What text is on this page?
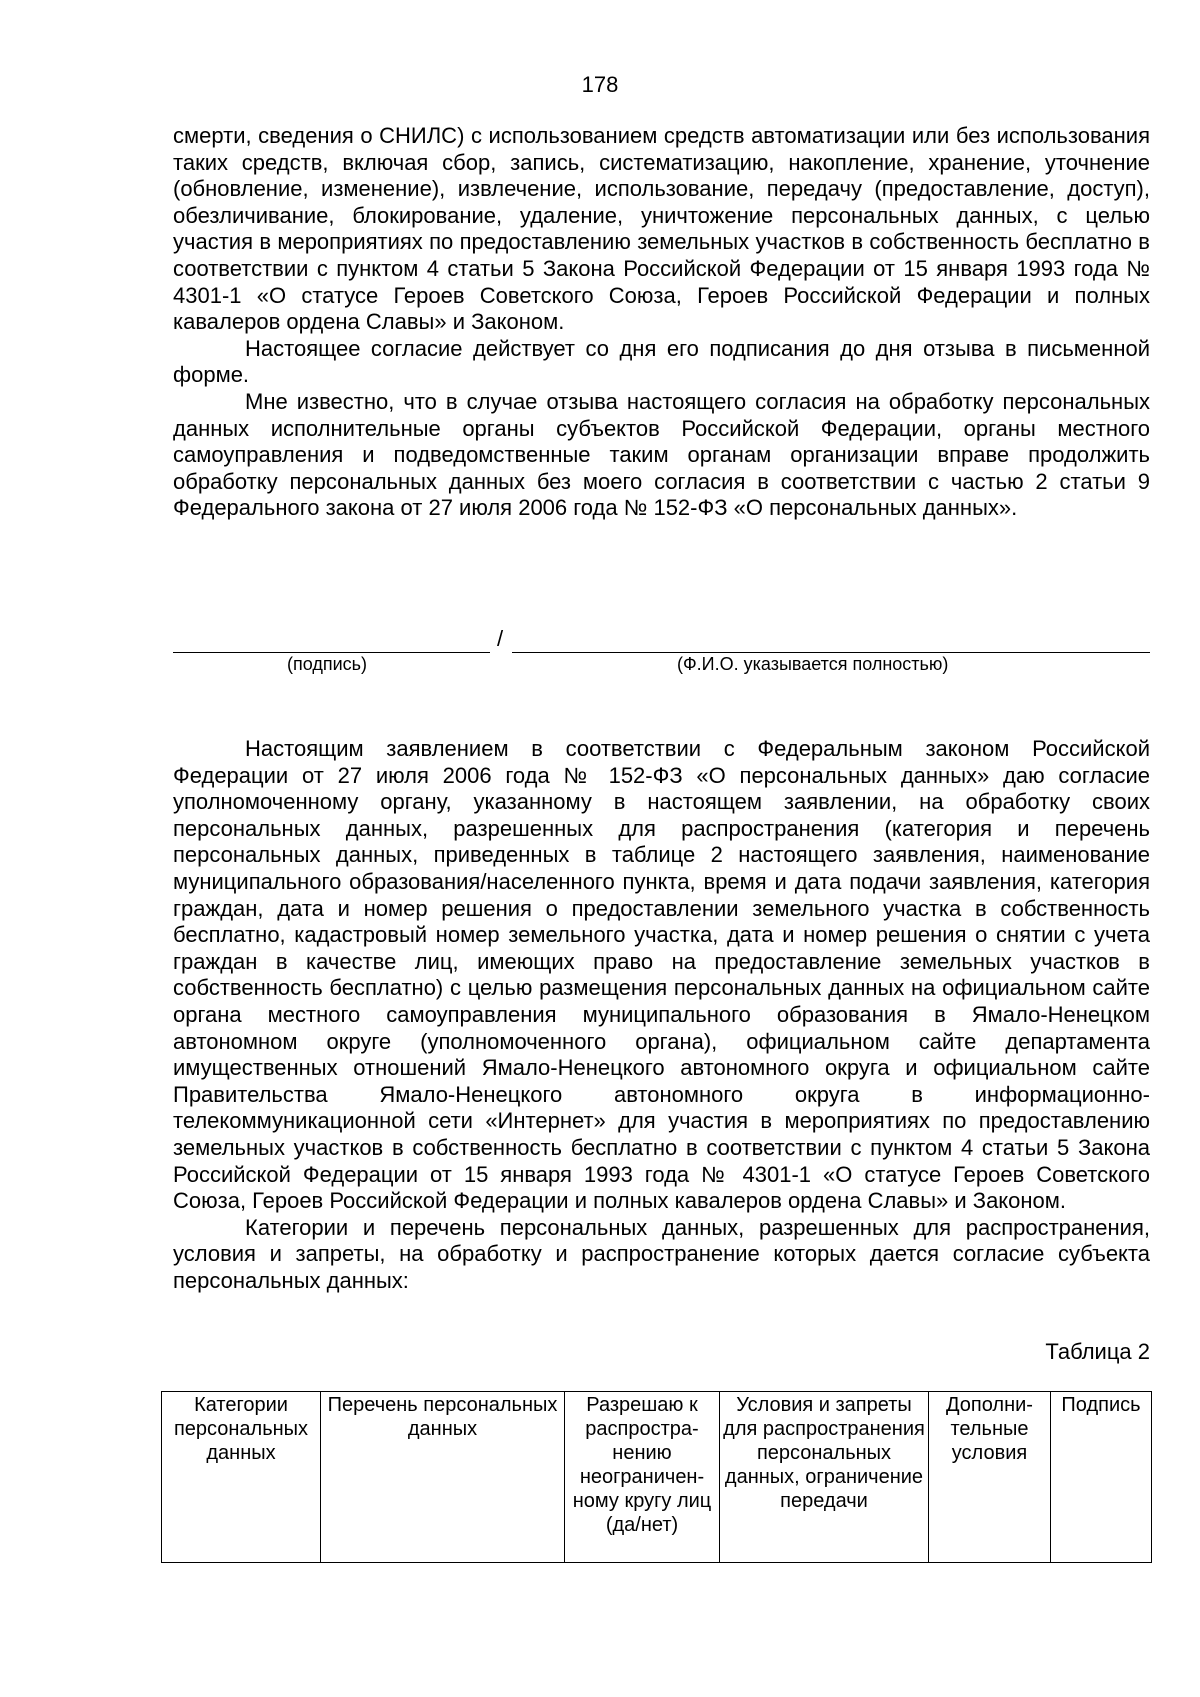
178

смерти, сведения о СНИЛС) с использованием средств автоматизации или без использования таких средств, включая сбор, запись, систематизацию, накопление, хранение, уточнение (обновление, изменение), извлечение, использование, передачу (предоставление, доступ), обезличивание, блокирование, удаление, уничтожение персональных данных, с целью участия в мероприятиях по предоставлению земельных участков в собственность бесплатно в соответствии с пунктом 4 статьи 5 Закона Российской Федерации от 15 января 1993 года № 4301-1 «О статусе Героев Советского Союза, Героев Российской Федерации и полных кавалеров ордена Славы» и Законом.

Настоящее согласие действует со дня его подписания до дня отзыва в письменной форме.

Мне известно, что в случае отзыва настоящего согласия на обработку персональных данных исполнительные органы субъектов Российской Федерации, органы местного самоуправления и подведомственные таким органам организации вправе продолжить обработку персональных данных без моего согласия в соответствии с частью 2 статьи 9 Федерального закона от 27 июля 2006 года № 152-ФЗ «О персональных данных».

/
(подпись)	(Ф.И.О. указывается полностью)

Настоящим заявлением в соответствии с Федеральным законом Российской Федерации от 27 июля 2006 года № 152-ФЗ «О персональных данных» даю согласие уполномоченному органу, указанному в настоящем заявлении, на обработку своих персональных данных, разрешенных для распространения (категория и перечень персональных данных, приведенных в таблице 2 настоящего заявления, наименование муниципального образования/населенного пункта, время и дата подачи заявления, категория граждан, дата и номер решения о предоставлении земельного участка в собственность бесплатно, кадастровый номер земельного участка, дата и номер решения о снятии с учета граждан в качестве лиц, имеющих право на предоставление земельных участков в собственность бесплатно) с целью размещения персональных данных на официальном сайте органа местного самоуправления муниципального образования в Ямало-Ненецком автономном округе (уполномоченного органа), официальном сайте департамента имущественных отношений Ямало-Ненецкого автономного округа и официальном сайте Правительства Ямало-Ненецкого автономного округа в информационно-телекоммуникационной сети «Интернет» для участия в мероприятиях по предоставлению земельных участков в собственность бесплатно в соответствии с пунктом 4 статьи 5 Закона Российской Федерации от 15 января 1993 года № 4301-1 «О статусе Героев Советского Союза, Героев Российской Федерации и полных кавалеров ордена Славы» и Законом.

Категории и перечень персональных данных, разрешенных для распространения, условия и запреты, на обработку и распространение которых дается согласие субъекта персональных данных:

Таблица 2
Категории персональных данных	Перечень персональных данных	Разрешаю к распростра-нению неограничен-ному кругу лиц (да/нет)	Условия и запреты для распространения персональных данных, ограничение передачи	Дополни-тельные условия	Подпись
